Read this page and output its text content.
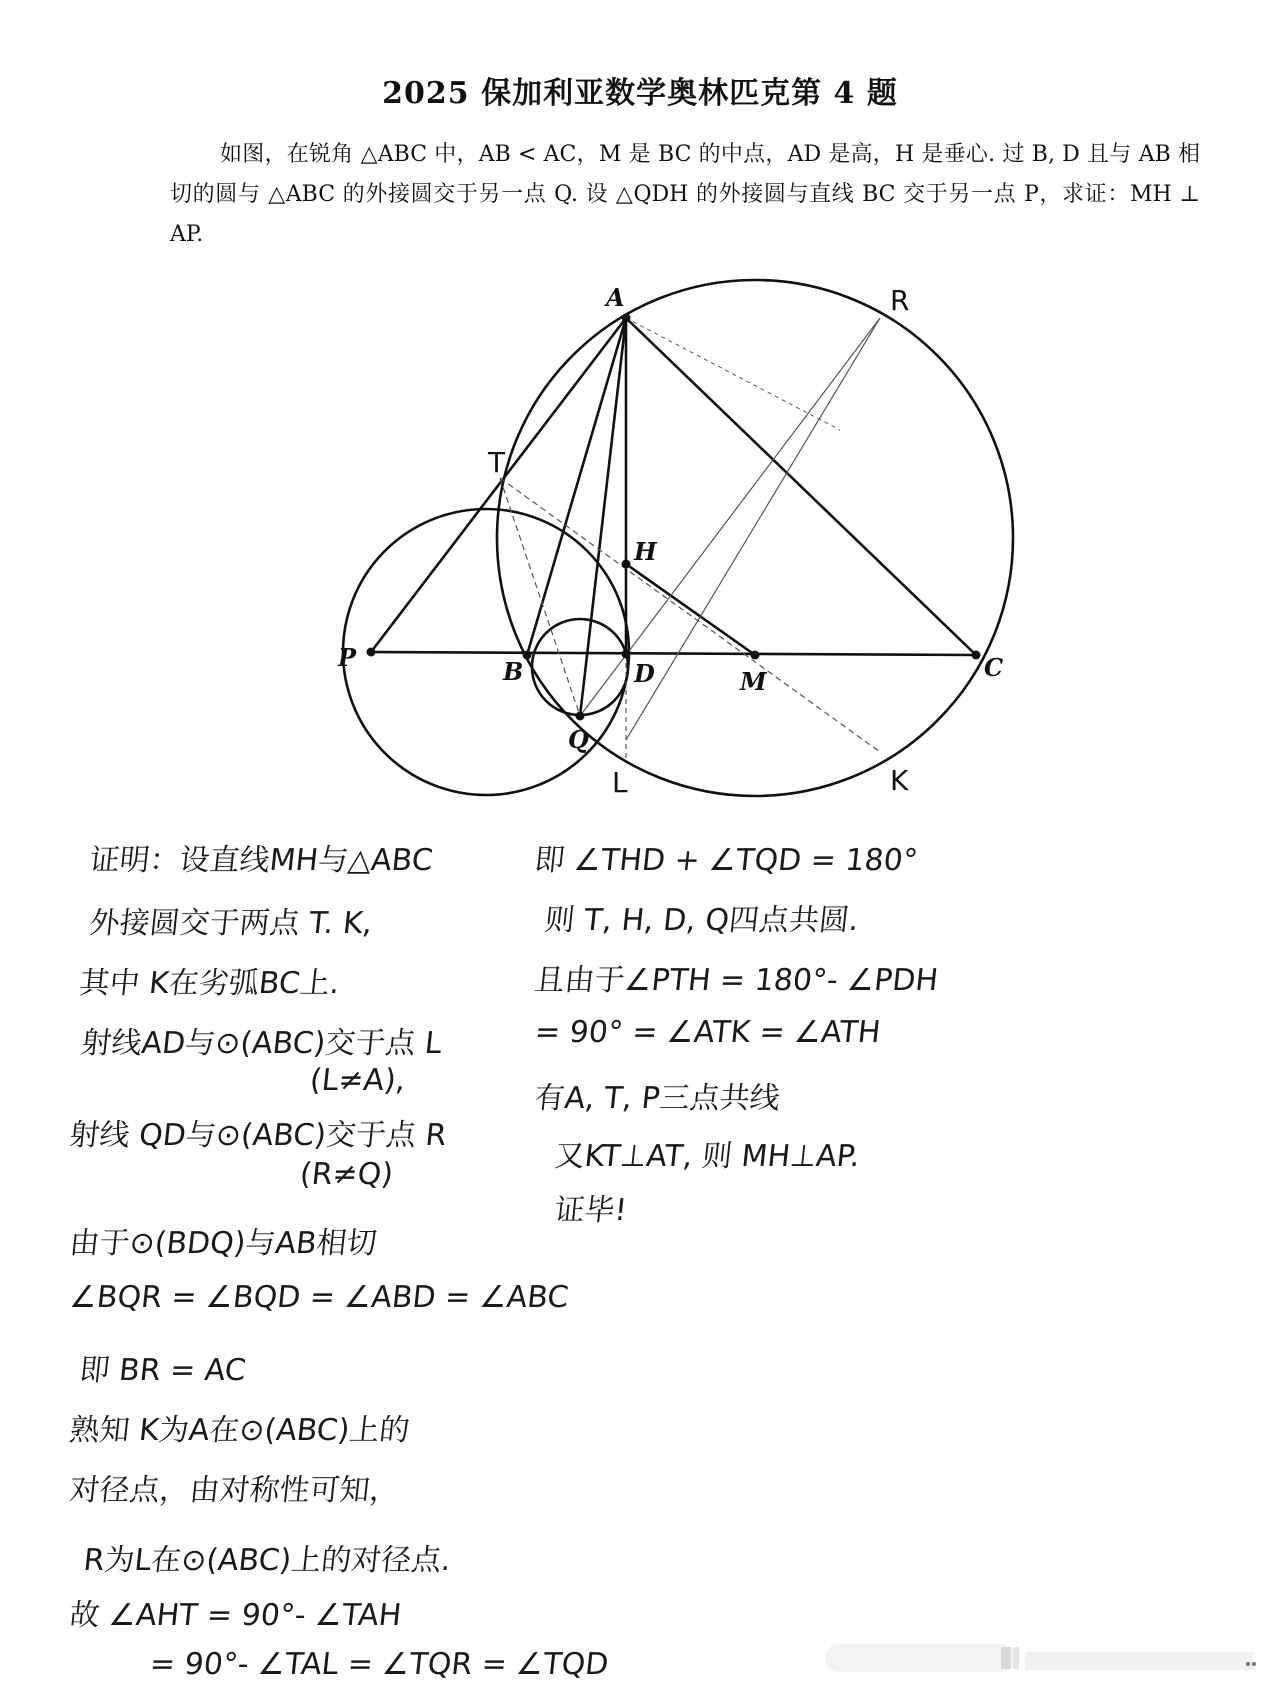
2025 保加利亚数学奥林匹克第 4 题
如图，在锐角 △ABC 中，AB < AC，M 是 BC 的中点，AD 是高，H 是垂心. 过 B, D 且与 AB 相切的圆与 △ABC 的外接圆交于另一点 Q. 设 △QDH 的外接圆与直线 BC 交于另一点 P，求证：MH ⊥ AP.
A
H
P	B	D	M	C
Q
R
T
K
L
证明：设直线MH与△ABC
外接圆交于两点 T. K,
其中 K在劣弧BC上.
射线AD与⊙(ABC)交于点 L
(L≠A),
射线 QD与⊙(ABC)交于点 R
(R≠Q)
由于⊙(BDQ)与AB相切
∠BQR = ∠BQD = ∠ABD = ∠ABC
即 BR = AC
熟知 K为A在⊙(ABC)上的
对径点，由对称性可知，
R为L在⊙(ABC)上的对径点.
故 ∠AHT = 90°- ∠TAH
= 90°- ∠TAL = ∠TQR = ∠TQD
即 ∠THD + ∠TQD = 180°
则 T, H, D, Q四点共圆.
且由于∠PTH = 180°- ∠PDH
= 90° = ∠ATK = ∠ATH
有A, T, P三点共线
又KT⊥AT, 则 MH⊥AP.
证毕!
